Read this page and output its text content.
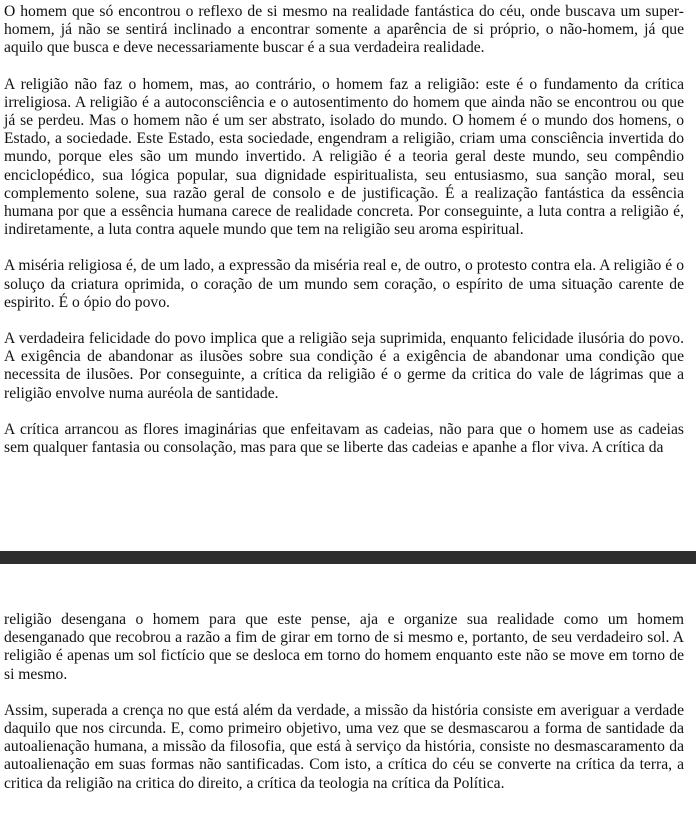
O homem que só encontrou o reflexo de si mesmo na realidade fantástica do céu, onde buscava um super-homem, já não se sentirá inclinado a encontrar somente a aparência de si próprio, o não-homem, já que aquilo que busca e deve necessariamente buscar é a sua verdadeira realidade.

A religião não faz o homem, mas, ao contrário, o homem faz a religião: este é o fundamento da crítica irreligiosa. A religião é a autoconsciência e o autosentimento do homem que ainda não se encontrou ou que já se perdeu. Mas o homem não é um ser abstrato, isolado do mundo. O homem é o mundo dos homens, o Estado, a sociedade. Este Estado, esta sociedade, engendram a religião, criam uma consciência invertida do mundo, porque eles são um mundo invertido. A religião é a teoria geral deste mundo, seu compêndio enciclopédico, sua lógica popular, sua dignidade espiritualista, seu entusiasmo, sua sanção moral, seu complemento solene, sua razão geral de consolo e de justificação. É a realização fantástica da essência humana por que a essência humana carece de realidade concreta. Por conseguinte, a luta contra a religião é, indiretamente, a luta contra aquele mundo que tem na religião seu aroma espiritual.

A miséria religiosa é, de um lado, a expressão da miséria real e, de outro, o protesto contra ela. A religião é o soluço da criatura oprimida, o coração de um mundo sem coração, o espírito de uma situação carente de espirito. É o ópio do povo.

A verdadeira felicidade do povo implica que a religião seja suprimida, enquanto felicidade ilusória do povo. A exigência de abandonar as ilusões sobre sua condição é a exigência de abandonar uma condição que necessita de ilusões. Por conseguinte, a crítica da religião é o germe da critica do vale de lágrimas que a religião envolve numa auréola de santidade.

A crítica arrancou as flores imaginárias que enfeitavam as cadeias, não para que o homem use as cadeias sem qualquer fantasia ou consolação, mas para que se liberte das cadeias e apanhe a flor viva. A crítica da

religião desengana o homem para que este pense, aja e organize sua realidade como um homem desenganado que recobrou a razão a fim de girar em torno de si mesmo e, portanto, de seu verdadeiro sol. A religião é apenas um sol fictício que se desloca em torno do homem enquanto este não se move em torno de si mesmo.

Assim, superada a crença no que está além da verdade, a missão da história consiste em averiguar a verdade daquilo que nos circunda. E, como primeiro objetivo, uma vez que se desmascarou a forma de santidade da autoalienação humana, a missão da filosofia, que está à serviço da história, consiste no desmascaramento da autoalienação em suas formas não santificadas. Com isto, a crítica do céu se converte na crítica da terra, a critica da religião na critica do direito, a crítica da teologia na crítica da Política.
